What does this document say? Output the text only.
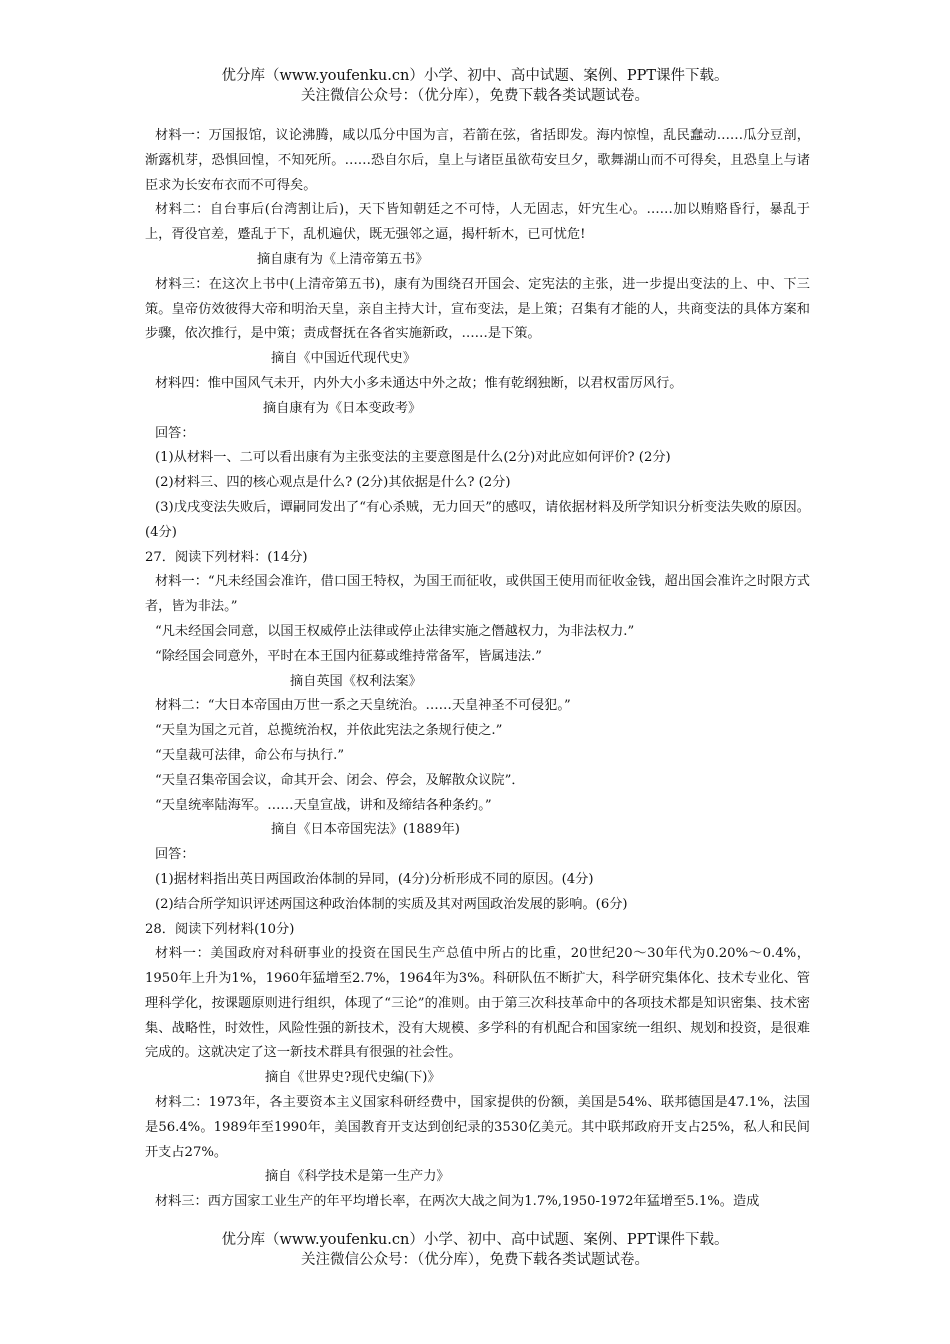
优分库（www.youfenku.cn）小学、初中、高中试题、案例、PPT课件下载。
关注微信公众号：（优分库），免费下载各类试题试卷。

材料一：万国报馆，议论沸腾，咸以瓜分中国为言，若箭在弦，省括即发。海内惊惶，乱民蠢动……瓜分豆剖，渐露机芽，恐惧回惶，不知死所。……恐自尔后，皇上与诸臣虽欲苟安旦夕，歌舞湖山而不可得矣，且恐皇上与诸臣求为长安布衣而不可得矣。

材料二：自台事后(台湾割让后)，天下皆知朝廷之不可恃，人无固志，奸宄生心。……加以贿赂昏行，暴乱于上，胥役官差，蹙乱于下，乱机遍伏，既无强邻之逼，揭杆斩木，已可忧危!

摘自康有为《上清帝第五书》

材料三：在这次上书中(上清帝第五书)，康有为围绕召开国会、定宪法的主张，进一步提出变法的上、中、下三策。皇帝仿效彼得大帝和明治天皇，亲自主持大计，宣布变法，是上策；召集有才能的人，共商变法的具体方案和步骤，依次推行，是中策；责成督抚在各省实施新政，……是下策。

摘自《中国近代现代史》

材料四：惟中国风气未开，内外大小多未通达中外之故；惟有乾纲独断，以君权雷厉风行。

摘自康有为《日本变政考》

回答：

(1)从材料一、二可以看出康有为主张变法的主要意图是什么(2分)对此应如何评价? (2分)

(2)材料三、四的核心观点是什么? (2分)其依据是什么? (2分)

(3)戊戌变法失败后，谭嗣同发出了“有心杀贼，无力回天”的感叹，请依据材料及所学知识分析变法失败的原因。 (4分)

27．阅读下列材料：(14分)

材料一：“凡未经国会准许，借口国王特权，为国王而征收，或供国王使用而征收金钱，超出国会准许之时限方式者，皆为非法。”

“凡未经国会同意，以国王权威停止法律或停止法律实施之僭越权力，为非法权力.”

“除经国会同意外，平时在本王国内征募或维持常备军，皆属违法.”

摘自英国《权利法案》

材料二：“大日本帝国由万世一系之天皇统治。……天皇神圣不可侵犯。”

“天皇为国之元首，总揽统治权，并依此宪法之条规行使之.”

“天皇裁可法律，命公布与执行.”

“天皇召集帝国会议，命其开会、闭会、停会，及解散众议院”．

“天皇统率陆海军。……天皇宣战，讲和及缔结各种条约。”

摘自《日本帝国宪法》(1889年)

回答：

(1)据材料指出英日两国政治体制的异同，(4分)分析形成不同的原因。(4分)

(2)结合所学知识评述两国这种政治体制的实质及其对两国政治发展的影响。(6分)

28．阅读下列材料(10分)

材料一：美国政府对科研事业的投资在国民生产总值中所占的比重，20世纪20～30年代为0.20%～0.4%，1950年上升为1%，1960年猛增至2.7%，1964年为3%。科研队伍不断扩大，科学研究集体化、技术专业化、管理科学化，按课题原则进行组织，体现了“三论”的准则。由于第三次科技革命中的各项技术都是知识密集、技术密集、战略性，时效性，风险性强的新技术，没有大规模、多学科的有机配合和国家统一组织、规划和投资，是很难完成的。这就决定了这一新技术群具有很强的社会性。

摘自《世界史?现代史编(下)》

材料二：1973年，各主要资本主义国家科研经费中，国家提供的份额，美国是54%、联邦德国是47.1%，法国是56.4%。1989年至1990年，美国教育开支达到创纪录的3530亿美元。其中联邦政府开支占25%，私人和民间开支占27%。

摘自《科学技术是第一生产力》

材料三：西方国家工业生产的年平均增长率，在两次大战之间为1.7%,1950-1972年猛增至5.1%。造成

优分库（www.youfenku.cn）小学、初中、高中试题、案例、PPT课件下载。
关注微信公众号：（优分库），免费下载各类试题试卷。
